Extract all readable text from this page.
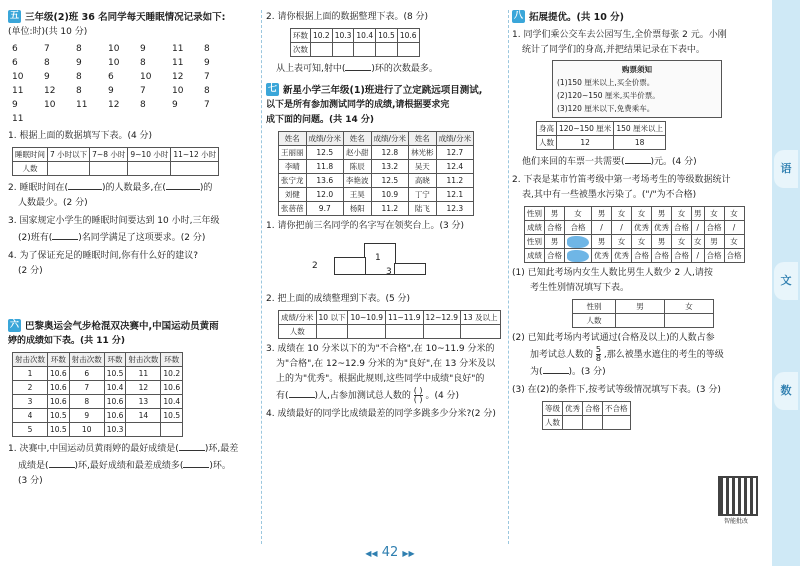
五 三年级(2)班 36 名同学每天睡眠情况记录如下:
(单位:时)(共 10 分)
6	7	8	10	9	11	8
6	8	9	10	8	11	9
10	9	8	6	10	12	7
11	12	8	9	7	10	8
9	10	11	12	8	9	7
11
1. 根据上面的数据填写下表。(4 分)
睡眠时间	7 小时以下	7~8 小时	9~10 小时	11~12 小时
人数				
2. 睡眠时间在(	)的人数最多,在(	)的
人数最少。(2 分)
3. 国家规定小学生的睡眠时间要达到 10 小时,三年级
(2)班有(	)名同学满足了这项要求。(2 分)
4. 为了保证充足的睡眠时间,你有什么好的建议?
(2 分)
六 巴黎奥运会气步枪混双决赛中,中国运动员黄雨
婷的成绩如下表。(共 11 分)
射击次数	环数	射击次数	环数	射击次数	环数
1	10.6	6	10.5	11	10.2
2	10.6	7	10.4	12	10.6
3	10.6	8	10.6	13	10.4
4	10.5	9	10.6	14	10.5
5	10.5	10	10.3		
1. 决赛中,中国运动员黄雨婷的最好成绩是(	)环,最差
成绩是(	)环,最好成绩和最差成绩多(	)环。
(3 分)
2. 请你根据上面的数据整理下表。(8 分)
环数	10.2	10.3	10.4	10.5	10.6
次数					
从上表可知,射中(	)环的次数最多。
七 新星小学三年级(1)班进行了立定跳远项目测试,
以下是所有参加测试同学的成绩,请根据要求完
成下面的问题。(共 14 分)
姓名	成绩/分米	姓名	成绩/分米	姓名	成绩/分米
王丽丽	12.5	赵小甜	12.8	林光彬	12.7
李晴	11.8	陈辰	13.2	吴天	12.4
张宁龙	13.6	李艳波	12.5	高晓	11.2
刘健	12.0	王昊	10.9	丁宁	12.1
张蓓蓓	9.7	杨阳	11.2	陆飞	12.3
1. 请你把前三名同学的名字写在领奖台上。(3 分)
1
2
3
2. 把上面的成绩整理到下表。(5 分)
成绩/分米	10 以下	10~10.9	11~11.9	12~12.9	13 及以上
人数					
3. 成绩在 10 分米以下的为"不合格",在 10~11.9 分米的
为"合格",在 12~12.9 分米的为"良好",在 13 分米及以
上的为"优秀"。根据此规则,这些同学中成绩"良好"的
有(	)人,占参加测试总人数的 $\frac{( )}{( )}$ 。(4 分)
4. 成绩最好的同学比成绩最差的同学多跳多少分米?(2 分)
八 拓展提优。(共 10 分)
1. 同学们乘公交车去公园写生,全价票每张 2 元。小刚
统计了同学们的身高,并把结果记录在下表中。
购票须知
(1)150 厘米以上,买全价票。
(2)120~150 厘米,买半价票。
(3)120 厘米以下,免费乘车。
身高	120~150 厘米	150 厘米以上
人数	12	18
他们来回的车票一共需要(	)元。(4 分)
2. 下表是某市竹笛考级中第一考场考生的等级数据统计
表,其中有一些被墨水污染了。("/"为不合格)
性别	男	女	男	女	女	男	女	男	女	女
成绩	合格	合格	/	/	优秀	优秀	合格	/	合格	/
性别	男		男	女	女	男	女	女	男	女
成绩	合格		优秀	优秀	合格	合格	合格	/	合格	合格
(1) 已知此考场内女生人数比男生人数少 2 人,请按
考生性别情况填写下表。
性别	男	女
人数		
(2) 已知此考场内考试通过(合格及以上)的人数占参
加考试总人数的 $\frac{5}{8}$ ,那么被墨水遮住的考生的等级
为(	)。(3 分)
(3) 在(2)的条件下,按考试等级情况填写下表。(3 分)
等级	优秀	合格	不合格
人数			
智能批改
语
文
数
◀◀ 42 ▶▶
